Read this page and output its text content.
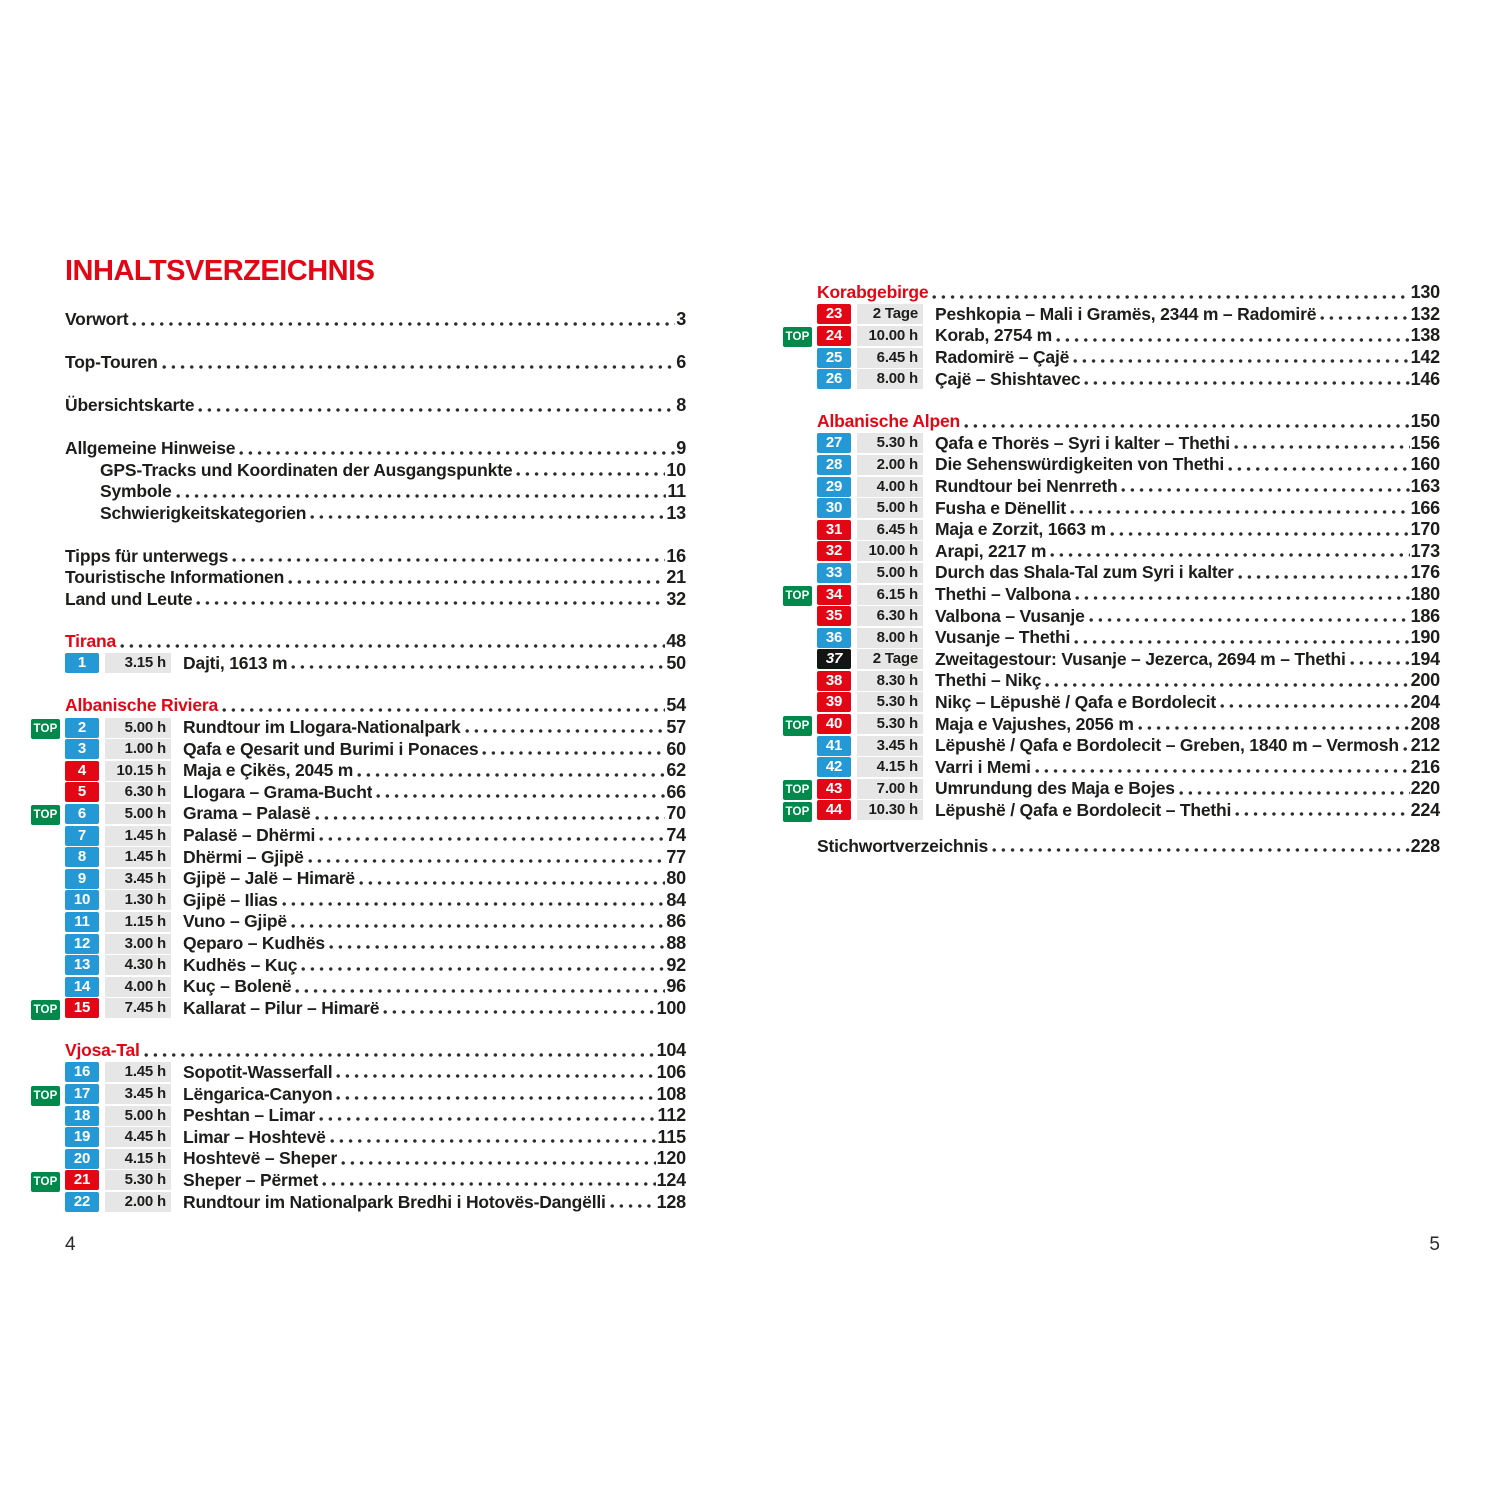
INHALTSVERZEICHNIS
Vorwort	3
Top-Touren	6
Übersichtskarte	8
Allgemeine Hinweise	9
GPS-Tracks und Koordinaten der Ausgangspunkte	10
Symbole	11
Schwierigkeitskategorien	13
Tipps für unterwegs	16
Touristische Informationen	21
Land und Leute	32
Tirana	48
1	3.15 h Dajti, 1613 m	50
Albanische Riviera	54
TOP	2	5.00 h Rundtour im Llogara-Nationalpark	57
3	1.00 h Qafa e Qesarit und Burimi i Ponaces	60
4	10.15 h Maja e Çikës, 2045 m	62
5	6.30 h Llogara – Grama-Bucht	66
TOP	6	5.00 h Grama – Palasë	70
7	1.45 h Palasë – Dhërmi	74
8	1.45 h Dhërmi – Gjipë	77
9	3.45 h Gjipë – Jalë – Himarë	80
10	1.30 h Gjipë – Ilias	84
11	1.15 h Vuno – Gjipë	86
12	3.00 h Qeparo – Kudhës	88
13	4.30 h Kudhës – Kuç	92
14	4.00 h Kuç – Bolenë	96
TOP	15	7.45 h Kallarat – Pilur – Himarë	100
Vjosa-Tal	104
16	1.45 h Sopotit-Wasserfall	106
TOP	17	3.45 h Lëngarica-Canyon	108
18	5.00 h Peshtan – Limar	112
19	4.45 h Limar – Hoshtevë	115
20	4.15 h Hoshtevë – Sheper	120
TOP	21	5.30 h Sheper – Përmet	124
22	2.00 h Rundtour im Nationalpark Bredhi i Hotovës-Dangëlli	128
Korabgebirge	130
23	2 Tage Peshkopia – Mali i Gramës, 2344 m – Radomirë	132
TOP	24	10.00 h Korab, 2754 m	138
25	6.45 h Radomirë – Çajë	142
26	8.00 h Çajë – Shishtavec	146
Albanische Alpen	150
27	5.30 h Qafa e Thorës – Syri i kalter – Thethi	156
28	2.00 h Die Sehenswürdigkeiten von Thethi	160
29	4.00 h Rundtour bei Nenrreth	163
30	5.00 h Fusha e Dënellit	166
31	6.45 h Maja e Zorzit, 1663 m	170
32	10.00 h Arapi, 2217 m	173
33	5.00 h Durch das Shala-Tal zum Syri i kalter	176
TOP	34	6.15 h Thethi – Valbona	180
35	6.30 h Valbona – Vusanje	186
36	8.00 h Vusanje – Thethi	190
37	2 Tage Zweitagestour: Vusanje – Jezerca, 2694 m – Thethi	194
38	8.30 h Thethi – Nikç	200
39	5.30 h Nikç – Lëpushë / Qafa e Bordolecit	204
TOP	40	5.30 h Maja e Vajushes, 2056 m	208
41	3.45 h Lëpushë / Qafa e Bordolecit – Greben, 1840 m – Vermosh 212
42	4.15 h Varri i Memi	216
TOP	43	7.00 h Umrundung des Maja e Bojes	220
TOP	44	10.30 h Lëpushë / Qafa e Bordolecit – Thethi	224
Stichwortverzeichnis	228
4	5
